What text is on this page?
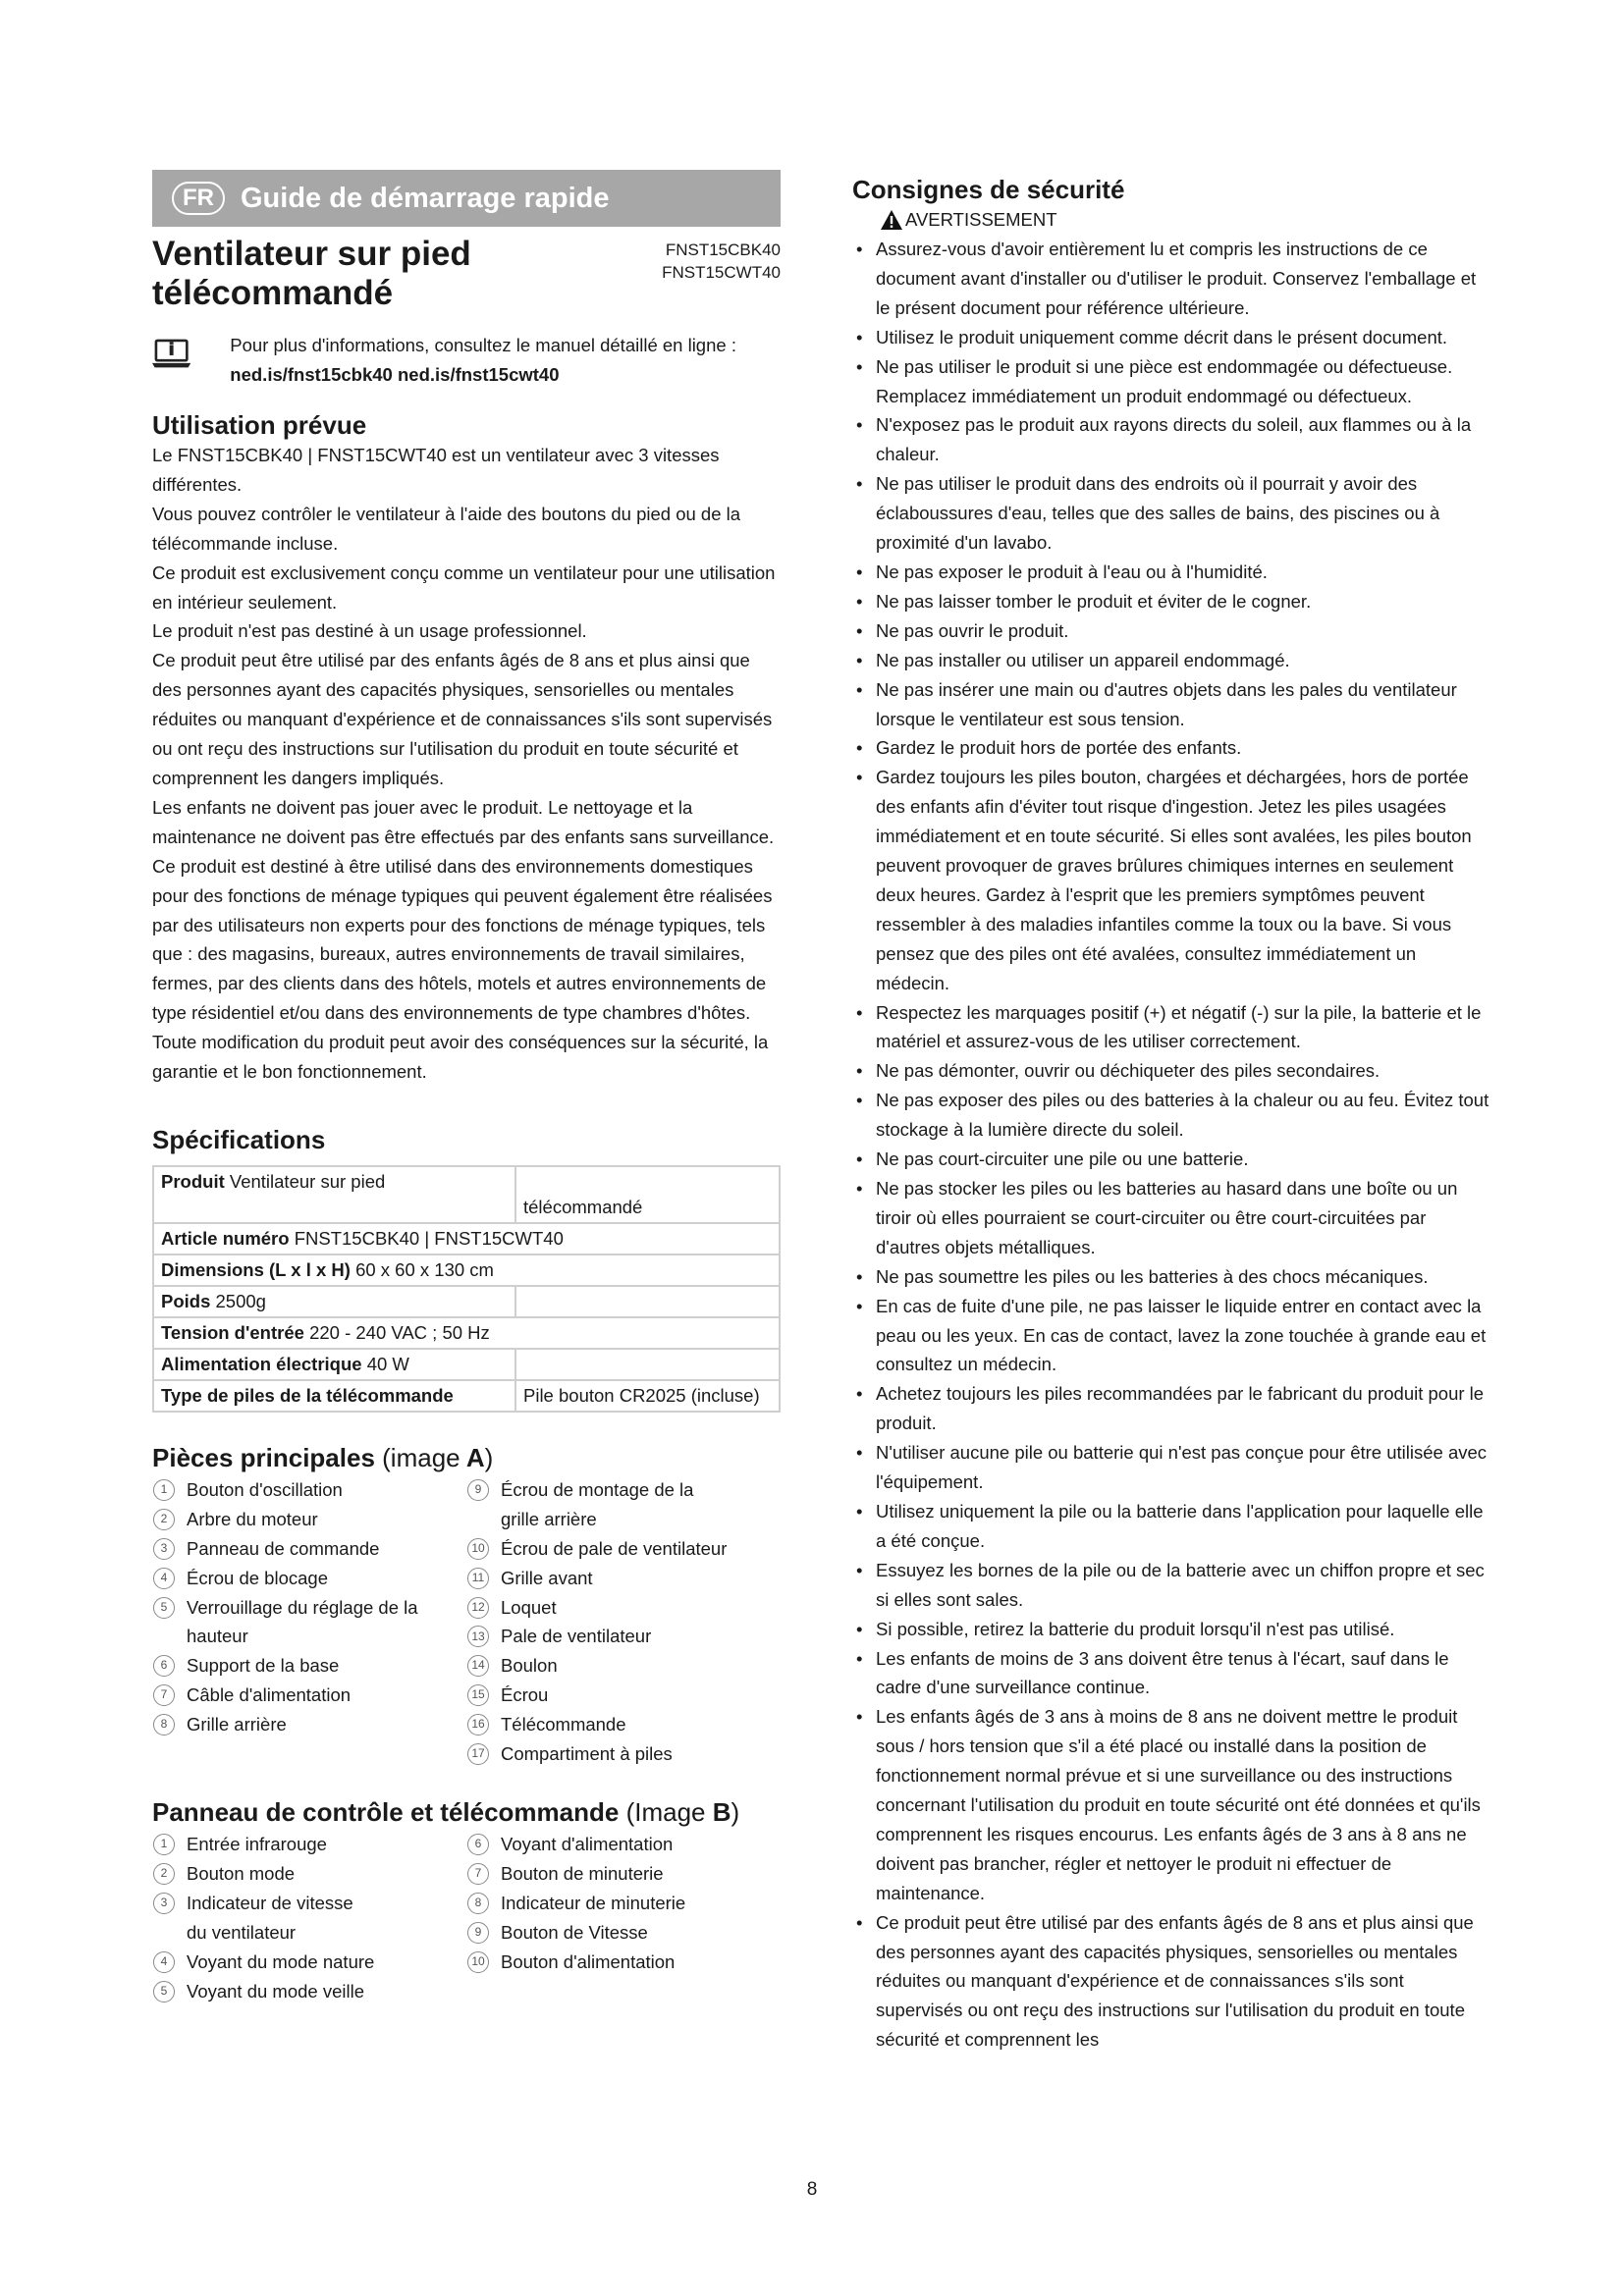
FR Guide de démarrage rapide
Ventilateur sur pied télécommandé
FNST15CBK40
FNST15CWT40
Pour plus d'informations, consultez le manuel détaillé en ligne : ned.is/fnst15cbk40 ned.is/fnst15cwt40
Utilisation prévue

Le FNST15CBK40 | FNST15CWT40 est un ventilateur avec 3 vitesses différentes.

Vous pouvez contrôler le ventilateur à l'aide des boutons du pied ou de la télécommande incluse.

Ce produit est exclusivement conçu comme un ventilateur pour une utilisation en intérieur seulement.

Le produit n'est pas destiné à un usage professionnel.

Ce produit peut être utilisé par des enfants âgés de 8 ans et plus ainsi que des personnes ayant des capacités physiques, sensorielles ou mentales réduites ou manquant d'expérience et de connaissances s'ils sont supervisés ou ont reçu des instructions sur l'utilisation du produit en toute sécurité et comprennent les dangers impliqués.

Les enfants ne doivent pas jouer avec le produit. Le nettoyage et la maintenance ne doivent pas être effectués par des enfants sans surveillance.

Ce produit est destiné à être utilisé dans des environnements domestiques pour des fonctions de ménage typiques qui peuvent également être réalisées par des utilisateurs non experts pour des fonctions de ménage typiques, tels que : des magasins, bureaux, autres environnements de travail similaires, fermes, par des clients dans des hôtels, motels et autres environnements de type résidentiel et/ou dans des environnements de type chambres d'hôtes.

Toute modification du produit peut avoir des conséquences sur la sécurité, la garantie et le bon fonctionnement.

Spécifications
Produit Ventilateur sur pied	télécommandé
Article numéro FNST15CBK40 | FNST15CWT40	
Dimensions (L x l x H) 60 x 60 x 130 cm	
Poids 2500g	
Tension d'entrée 220 - 240 VAC ; 50 Hz	
Alimentation électrique 40 W	
Type de piles de la télécommande	Pile bouton CR2025 (incluse)
Pièces principales (image A)
1	Bouton d'oscillation
2	Arbre du moteur
3	Panneau de commande
4	Écrou de blocage
5	Verrouillage du réglage de la hauteur
6	Support de la base
7	Câble d'alimentation
8	Grille arrière
9	Écrou de montage de la grille arrière
10 Écrou de pale de ventilateur
11 Grille avant
12 Loquet
13 Pale de ventilateur
14 Boulon
15 Écrou
16 Télécommande
17 Compartiment à piles
Panneau de contrôle et télécommande (Image B)
1	Entrée infrarouge
2	Bouton mode
3	Indicateur de vitesse du ventilateur
4	Voyant du mode nature
5	Voyant du mode veille
6	Voyant d'alimentation
7	Bouton de minuterie
8	Indicateur de minuterie
9	Bouton de Vitesse
10 Bouton d'alimentation
Consignes de sécurité
AVERTISSEMENT
• Assurez-vous d'avoir entièrement lu et compris les instructions de ce document avant d'installer ou d'utiliser le produit. Conservez l'emballage et le présent document pour référence ultérieure.
• Utilisez le produit uniquement comme décrit dans le présent document.
• Ne pas utiliser le produit si une pièce est endommagée ou défectueuse. Remplacez immédiatement un produit endommagé ou défectueux.
• N'exposez pas le produit aux rayons directs du soleil, aux flammes ou à la chaleur.
• Ne pas utiliser le produit dans des endroits où il pourrait y avoir des éclaboussures d'eau, telles que des salles de bains, des piscines ou à proximité d'un lavabo.
• Ne pas exposer le produit à l'eau ou à l'humidité.
• Ne pas laisser tomber le produit et éviter de le cogner.
• Ne pas ouvrir le produit.
• Ne pas installer ou utiliser un appareil endommagé.
• Ne pas insérer une main ou d'autres objets dans les pales du ventilateur lorsque le ventilateur est sous tension.
• Gardez le produit hors de portée des enfants.
• Gardez toujours les piles bouton, chargées et déchargées, hors de portée des enfants afin d'éviter tout risque d'ingestion. Jetez les piles usagées immédiatement et en toute sécurité. Si elles sont avalées, les piles bouton peuvent provoquer de graves brûlures chimiques internes en seulement deux heures. Gardez à l'esprit que les premiers symptômes peuvent ressembler à des maladies infantiles comme la toux ou la bave. Si vous pensez que des piles ont été avalées, consultez immédiatement un médecin.
• Respectez les marquages positif (+) et négatif (-) sur la pile, la batterie et le matériel et assurez-vous de les utiliser correctement.
• Ne pas démonter, ouvrir ou déchiqueter des piles secondaires.
• Ne pas exposer des piles ou des batteries à la chaleur ou au feu. Évitez tout stockage à la lumière directe du soleil.
• Ne pas court-circuiter une pile ou une batterie.
• Ne pas stocker les piles ou les batteries au hasard dans une boîte ou un tiroir où elles pourraient se court-circuiter ou être court-circuitées par d'autres objets métalliques.
• Ne pas soumettre les piles ou les batteries à des chocs mécaniques.
• En cas de fuite d'une pile, ne pas laisser le liquide entrer en contact avec la peau ou les yeux. En cas de contact, lavez la zone touchée à grande eau et consultez un médecin.
• Achetez toujours les piles recommandées par le fabricant du produit pour le produit.
• N'utiliser aucune pile ou batterie qui n'est pas conçue pour être utilisée avec l'équipement.
• Utilisez uniquement la pile ou la batterie dans l'application pour laquelle elle a été conçue.
• Essuyez les bornes de la pile ou de la batterie avec un chiffon propre et sec si elles sont sales.
• Si possible, retirez la batterie du produit lorsqu'il n'est pas utilisé.
• Les enfants de moins de 3 ans doivent être tenus à l'écart, sauf dans le cadre d'une surveillance continue.
• Les enfants âgés de 3 ans à moins de 8 ans ne doivent mettre le produit sous / hors tension que s'il a été placé ou installé dans la position de fonctionnement normal prévue et si une surveillance ou des instructions concernant l'utilisation du produit en toute sécurité ont été données et qu'ils comprennent les risques encourus. Les enfants âgés de 3 ans à 8 ans ne doivent pas brancher, régler et nettoyer le produit ni effectuer de maintenance.
• Ce produit peut être utilisé par des enfants âgés de 8 ans et plus ainsi que des personnes ayant des capacités physiques, sensorielles ou mentales réduites ou manquant d'expérience et de connaissances s'ils sont supervisés ou ont reçu des instructions sur l'utilisation du produit en toute sécurité et comprennent les
8
